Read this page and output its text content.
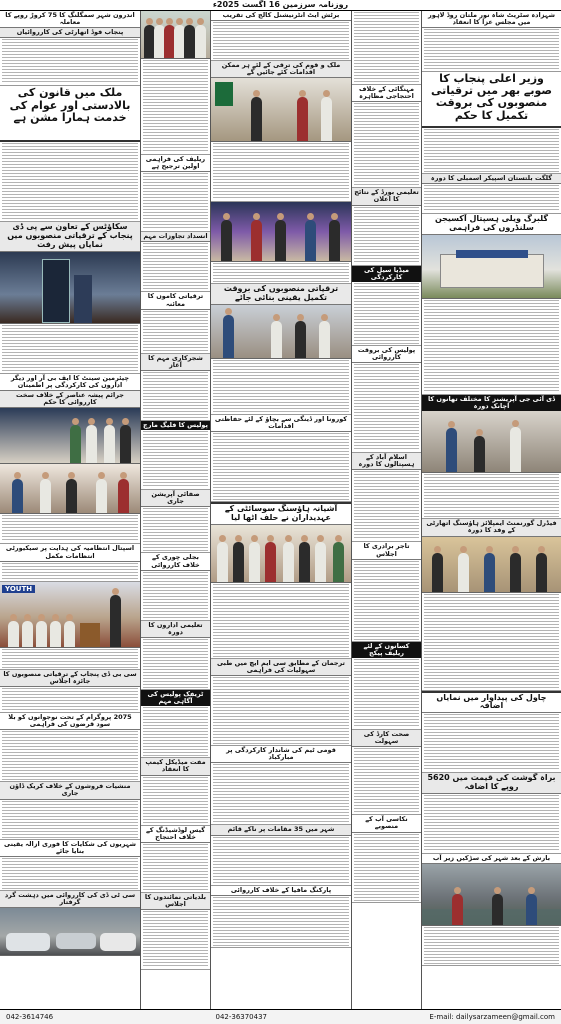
روزنامہ سرزمین 16 اگست 2025ء
اندرون شہر سمگلنگ کا 75 کروڑ روپے کا معاملہ
پنجاب فوڈ اتھارٹی کی کارروائیاں
ملک میں قانون کی بالادستی اور عوام کی خدمت ہمارا مشن ہے
سکاؤٹس کے تعاون سے پی ڈی پنجاب کے ترقیاتی منصوبوں میں نمایاں پیش رفت
چیئرمین سینٹ کا ایف بی آر اور دیگر اداروں کی کارکردگی پر اطمینان
جرائم پیشہ عناصر کے خلاف سخت کارروائی کا حکم
اسپتال انتظامیہ کی ہدایت پر سیکیورٹی انتظامات مکمل
YOUTH
سی بی ڈی پنجاب کے ترقیاتی منصوبوں کا جائزہ اجلاس
2075 پروگرام کے تحت نوجوانوں کو بلا سود قرضوں کی فراہمی
منشیات فروشوں کے خلاف کریک ڈاؤن جاری
شہریوں کی شکایات کا فوری ازالہ یقینی بنایا جائے
سی ٹی ڈی کی کارروائی میں دہشت گرد گرفتار
ریلیف کی فراہمی اولین ترجیح ہے
انسداد تجاوزات مہم
ترقیاتی کاموں کا معائنہ
شجرکاری مہم کا آغاز
پولیس کا فلیگ مارچ
صفائی آپریشن جاری
بجلی چوری کے خلاف کارروائی
تعلیمی اداروں کا دورہ
ٹریفک پولیس کی آگاہی مہم
مفت میڈیکل کیمپ کا انعقاد
گیس لوڈشیڈنگ کے خلاف احتجاج
بلدیاتی نمائندوں کا اجلاس
برٹش ایٹ انٹرنیشنل کالج کی تقریب
ملک و قوم کی ترقی کے لئے ہر ممکن اقدامات کئے جائیں گے
ترقیاتی منصوبوں کی بروقت تکمیل یقینی بنائی جائے
کورونا اور ڈینگی سے بچاؤ کے لئے حفاظتی اقدامات
آشیانہ ہاؤسنگ سوسائٹی کے عہدیداران نے حلف اٹھا لیا
ترجمان کے مطابق سی ایم ایچ میں طبی سہولیات کی فراہمی
قومی ٹیم کی شاندار کارکردگی پر مبارکباد
شہر میں 35 مقامات پر ناکے قائم
پارکنگ مافیا کے خلاف کارروائی
مہنگائی کے خلاف احتجاجی مظاہرہ
تعلیمی بورڈ کے نتائج کا اعلان
میڈیا سیل کی کارکردگی
پولیس کی بروقت کارروائی
اسلام آباد کے ہسپتالوں کا دورہ
تاجر برادری کا اجلاس
کسانوں کے لئے ریلیف پیکج
صحت کارڈ کی سہولت
نکاسی آب کے منصوبے
شہزادہ سٹریٹ شاہ نور ملتان روڈ لاہور میں مجلس عزا کا انعقاد
وزیر اعلی پنجاب کا صوبے بھر میں ترقیاتی منصوبوں کی بروقت تکمیل کا حکم
گلگت بلتستان اسپیکر اسمبلی کا دورہ
گلبرگ ویلی ہسپتال آکسیجن سلنڈروں کی فراہمی
ڈی آئی جی آپریشنز کا مختلف تھانوں کا اچانک دورہ
فیڈرل گورنمنٹ ایمپلائز ہاؤسنگ اتھارٹی کے وفد کا دورہ
چاول کی پیداوار میں نمایاں اضافہ
براہ گوشت کی قیمت میں 5620 روپے کا اضافہ
بارش کے بعد شہر کی سڑکیں زیر آب
042-3614746	042-36370437	E-mail: dailysarzameen@gmail.com
